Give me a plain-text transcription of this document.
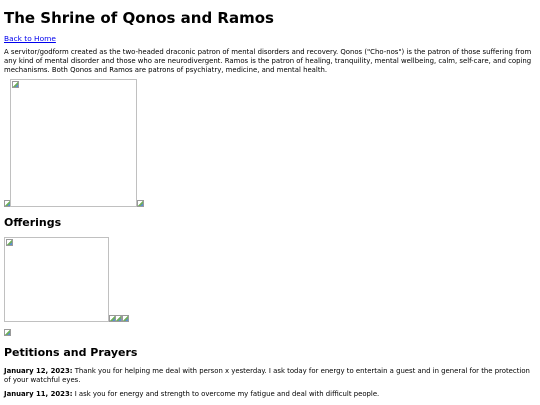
The Shrine of Qonos and Ramos
Back to Home

A servitor/godform created as the two-headed draconic patron of mental disorders and recovery. Qonos ("Cho-nos") is the patron of those suffering from any kind of mental disorder and those who are neurodivergent. Ramos is the patron of healing, tranquility, mental wellbeing, calm, self-care, and coping mechanisms. Both Qonos and Ramos are patrons of psychiatry, medicine, and mental health.

Offerings
Petitions and Prayers

January 12, 2023: Thank you for helping me deal with person x yesterday. I ask today for energy to entertain a guest and in general for the protection of your watchful eyes.

January 11, 2023: I ask you for energy and strength to overcome my fatigue and deal with difficult people.
